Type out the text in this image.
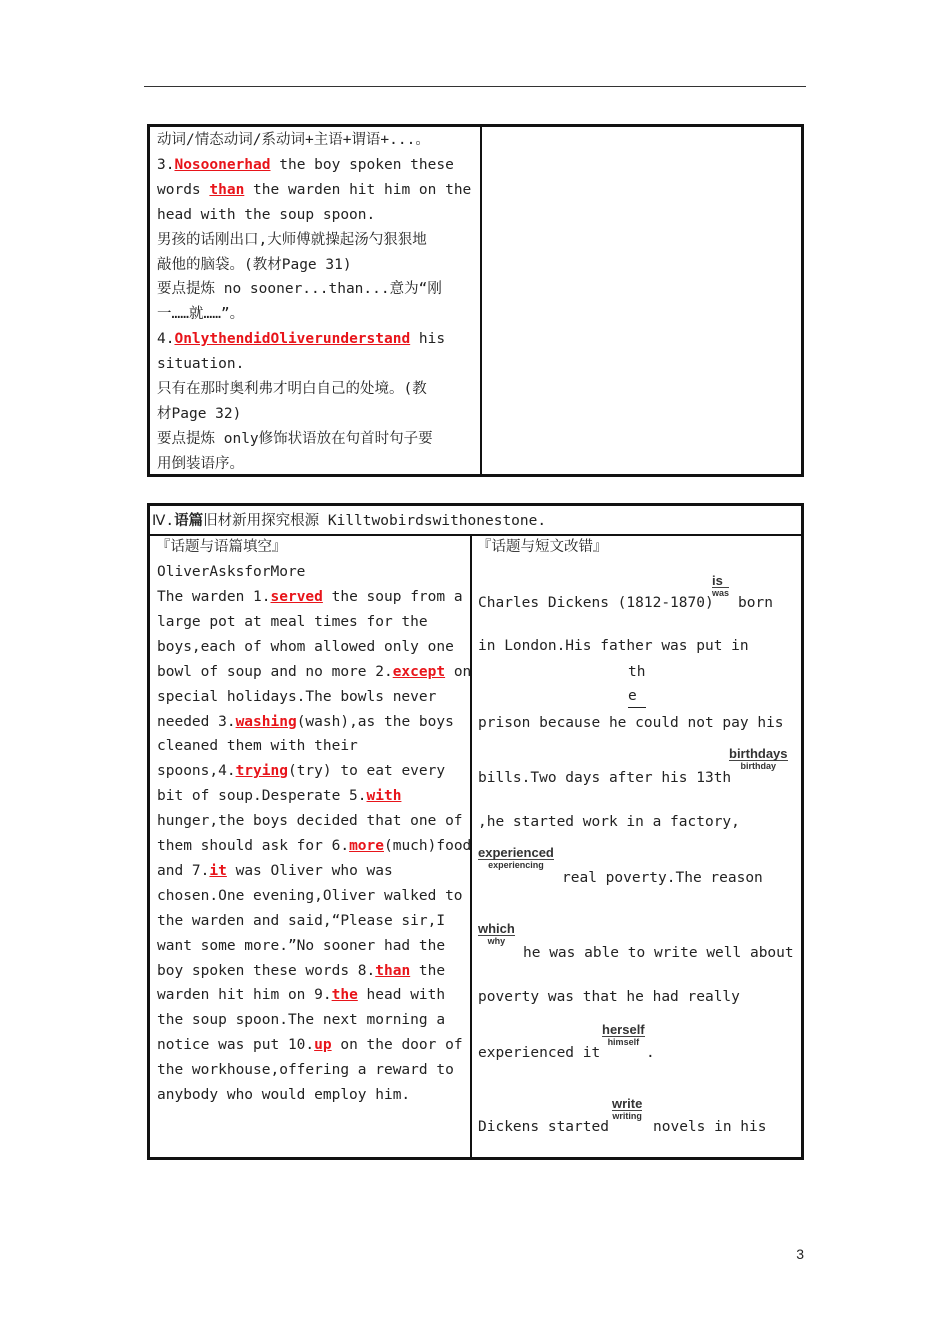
动词/情态动词/系动词+主语+谓语+...。
3.Nosoonerhad the boy spoken these
words than the warden hit him on the
head with the soup spoon.
男孩的话刚出口,大师傅就操起汤勺狠狠地
敲他的脑袋。(教材Page 31)
要点提炼 no sooner...than...意为“刚
一……就……”。
4.OnlythendidOliverunderstand his
situation.
只有在那时奥利弗才明白自己的处境。(教
材Page 32)
要点提炼 only修饰状语放在句首时句子要
用倒装语序。
Ⅳ.语篇旧材新用探究根源 Killtwobirdswithonestone.
『话题与语篇填空』
OliverAsksforMore
The warden 1.served the soup from a
large pot at meal times for the
boys,each of whom allowed only one
bowl of soup and no more 2.except on
special holidays.The bowls never
needed 3.washing(wash),as the boys
cleaned them with their
spoons,4.trying(try) to eat every
bit of soup.Desperate 5.with
hunger,the boys decided that one of
them should ask for 6.more(much)food
and 7.it was Oliver who was
chosen.One evening,Oliver walked to
the warden and said,“Please sir,I
want some more.”No sooner had the
boy spoken these words 8.than the
warden hit him on 9.the head with
the soup spoon.The next morning a
notice was put 10.up on the door of
the workhouse,offering a reward to
anybody who would employ him.
『话题与短文改错』
Charles Dickens (1812-1870) born
in London.His father was put in
th
e
prison because he could not pay his
bills.Two days after his 13th
,he started work in a factory,
real poverty.The reason
he was able to write well about
poverty was that he had really
experienced it	.
Dickens started	novels in his
is
was
birthdays
birthday
experienced
experiencing
which
why
herself
himself
write
writing
3
